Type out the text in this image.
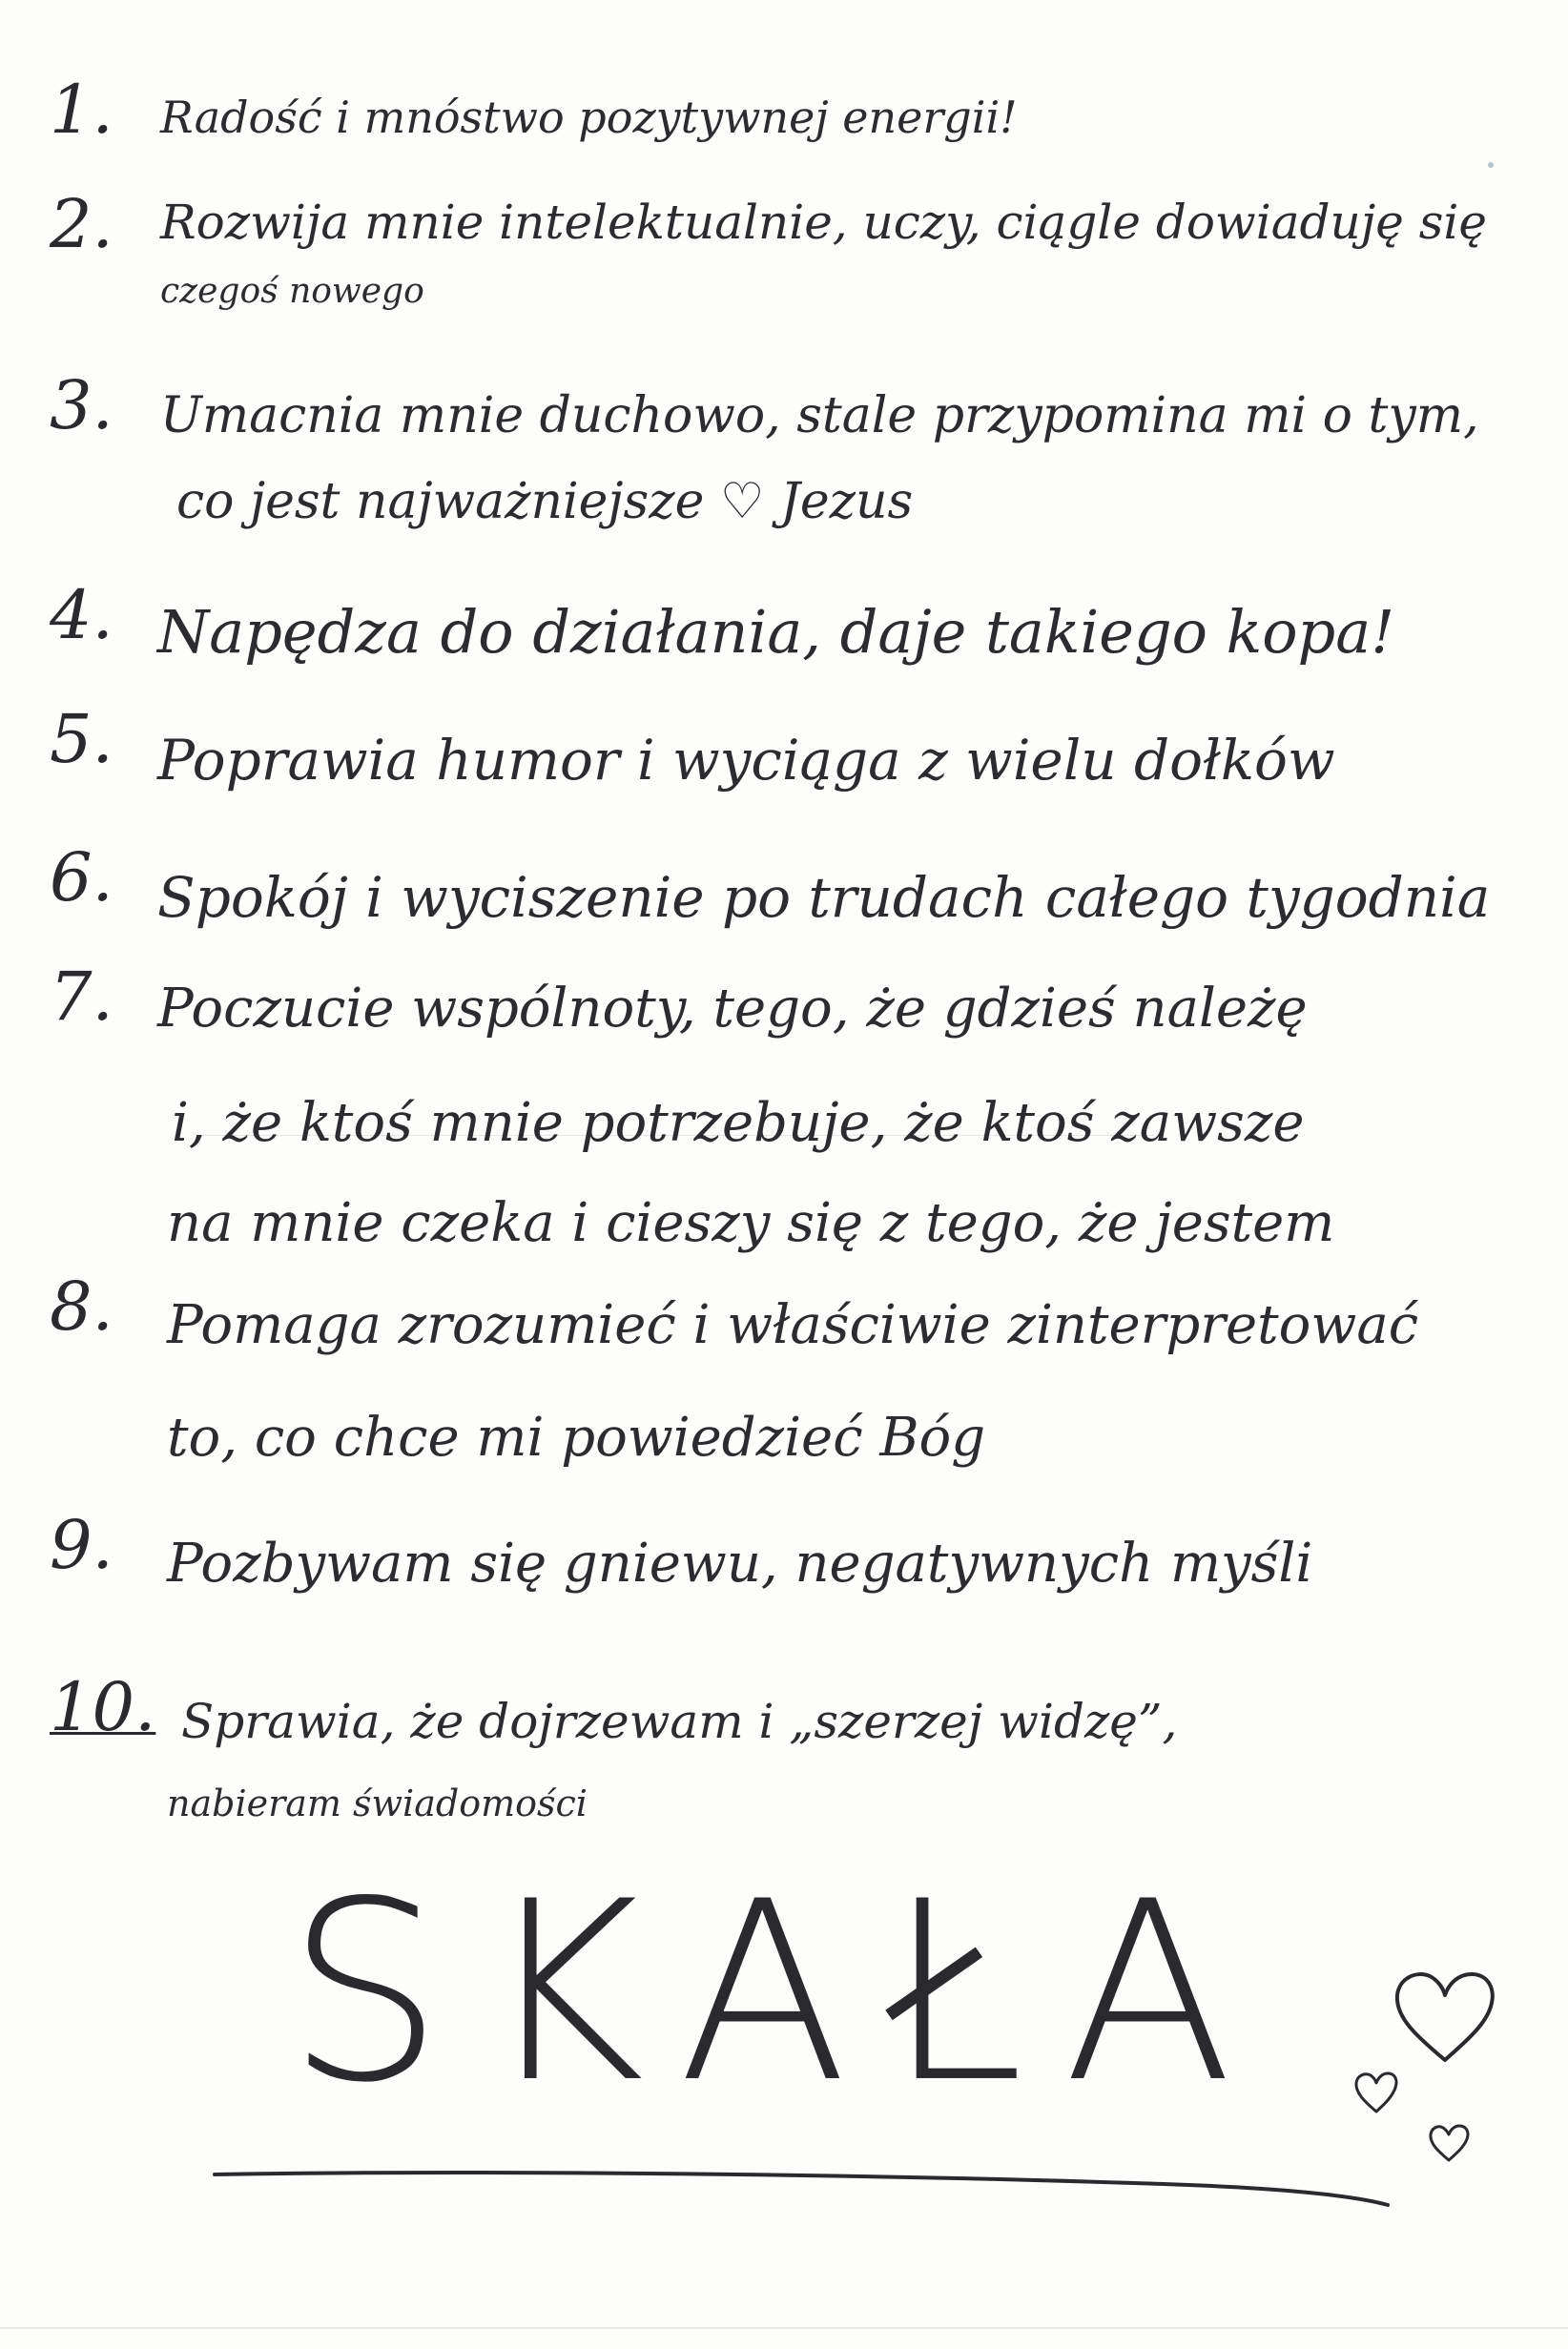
1. Radość i mnóstwo pozytywnej energii!
2. Rozwija mnie intelektualnie, uczy, ciągle dowiaduję się
czegoś nowego
3. Umacnia mnie duchowo, stale przypomina mi o tym,
co jest najważniejsze ♡ Jezus
4. Napędza do działania, daje takiego kopa!
5. Poprawia humor i wyciąga z wielu dołków
6. Spokój i wyciszenie po trudach całego tygodnia
7. Poczucie wspólnoty, tego, że gdzieś należę
i, że ktoś mnie potrzebuje, że ktoś zawsze
na mnie czeka i cieszy się z tego, że jestem
8. Pomaga zrozumieć i właściwie zinterpretować
to, co chce mi powiedzieć Bóg
9. Pozbywam się gniewu, negatywnych myśli
10. Sprawia, że dojrzewam i „szerzej widzę”,
nabieram świadomości
SKAŁA
